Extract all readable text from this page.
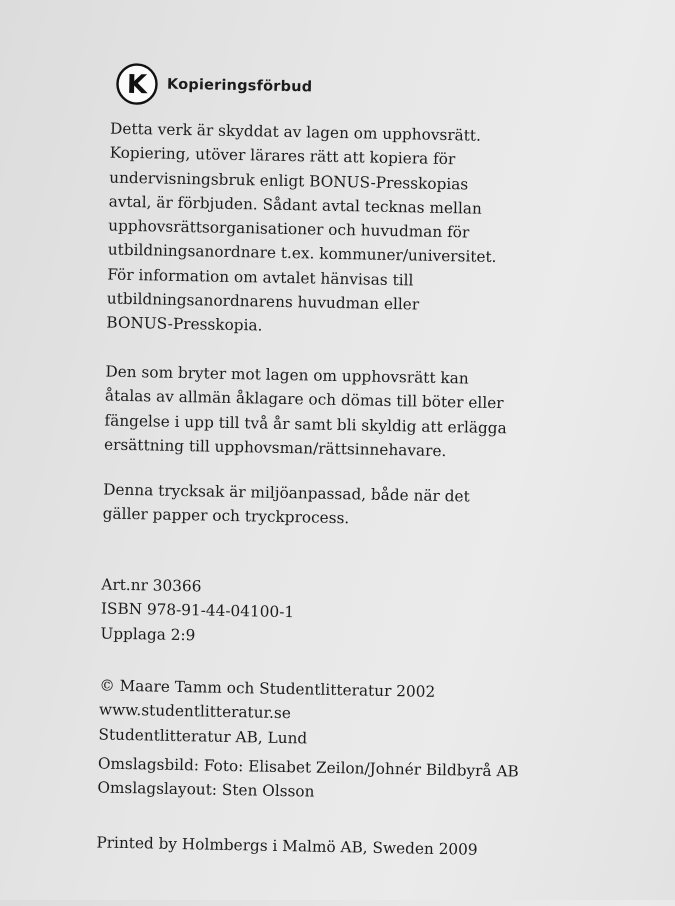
K Kopieringsförbud

Detta verk är skyddat av lagen om upphovsrätt.
Kopiering, utöver lärares rätt att kopiera för
undervisningsbruk enligt BONUS-Presskopias
avtal, är förbjuden. Sådant avtal tecknas mellan
upphovsrättsorganisationer och huvudman för
utbildningsanordnare t.ex. kommuner/universitet.
För information om avtalet hänvisas till
utbildningsanordnarens huvudman eller
BONUS-Presskopia.

Den som bryter mot lagen om upphovsrätt kan
åtalas av allmän åklagare och dömas till böter eller
fängelse i upp till två år samt bli skyldig att erlägga
ersättning till upphovsman/rättsinnehavare.

Denna trycksak är miljöanpassad, både när det
gäller papper och tryckprocess.

Art.nr 30366
ISBN 978-91-44-04100-1
Upplaga 2:9

© Maare Tamm och Studentlitteratur 2002
www.studentlitteratur.se
Studentlitteratur AB, Lund

Omslagsbild: Foto: Elisabet Zeilon/Johnér Bildbyrå AB
Omslagslayout: Sten Olsson

Printed by Holmbergs i Malmö AB, Sweden 2009
